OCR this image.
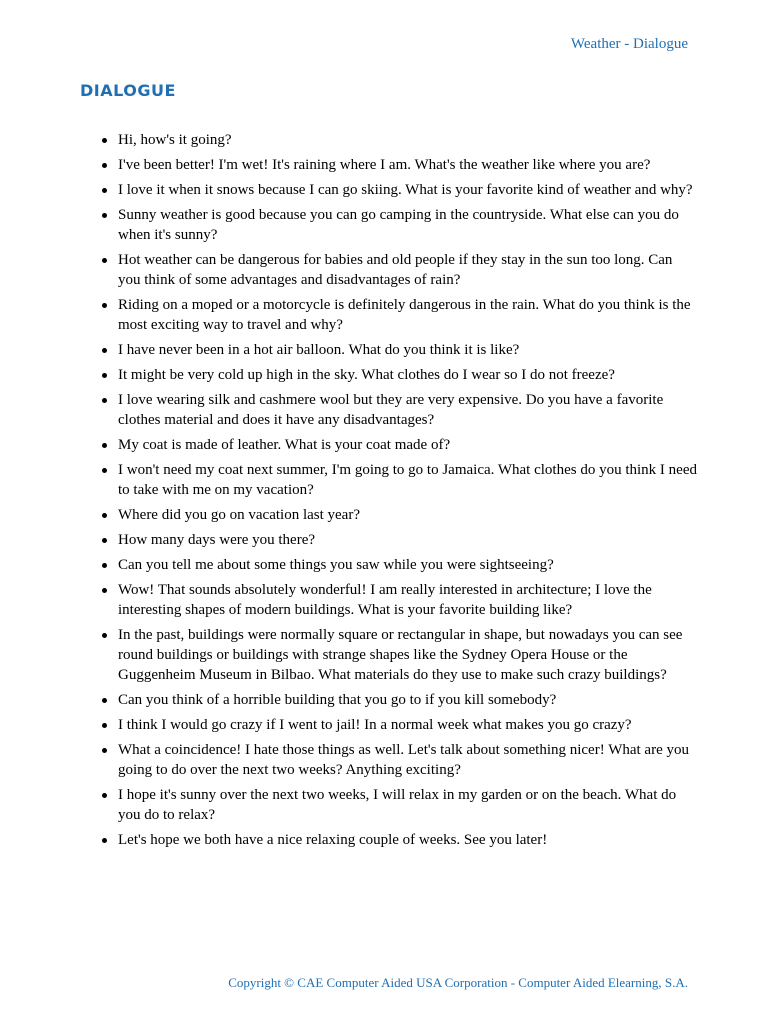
Weather - Dialogue
DIALOGUE
Hi, how's it going?
I've been better! I'm wet! It's raining where I am. What's the weather like where you are?
I love it when it snows because I can go skiing. What is your favorite kind of weather and why?
Sunny weather is good because you can go camping in the countryside. What else can you do when it's sunny?
Hot weather can be dangerous for babies and old people if they stay in the sun too long. Can you think of some advantages and disadvantages of rain?
Riding on a moped or a motorcycle is definitely dangerous in the rain. What do you think is the most exciting way to travel and why?
I have never been in a hot air balloon. What do you think it is like?
It might be very cold up high in the sky. What clothes do I wear so I do not freeze?
I love wearing silk and cashmere wool but they are very expensive. Do you have a favorite clothes material and does it have any disadvantages?
My coat is made of leather. What is your coat made of?
I won't need my coat next summer, I'm going to go to Jamaica. What clothes do you think I need to take with me on my vacation?
Where did you go on vacation last year?
How many days were you there?
Can you tell me about some things you saw while you were sightseeing?
Wow! That sounds absolutely wonderful! I am really interested in architecture; I love the interesting shapes of modern buildings. What is your favorite building like?
In the past, buildings were normally square or rectangular in shape, but nowadays you can see round buildings or buildings with strange shapes like the Sydney Opera House or the Guggenheim Museum in Bilbao. What materials do they use to make such crazy buildings?
Can you think of a horrible building that you go to if you kill somebody?
I think I would go crazy if I went to jail! In a normal week what makes you go crazy?
What a coincidence! I hate those things as well. Let's talk about something nicer! What are you going to do over the next two weeks? Anything exciting?
I hope it's sunny over the next two weeks, I will relax in my garden or on the beach. What do you do to relax?
Let's hope we both have a nice relaxing couple of weeks. See you later!
Copyright © CAE Computer Aided USA Corporation - Computer Aided Elearning, S.A.
